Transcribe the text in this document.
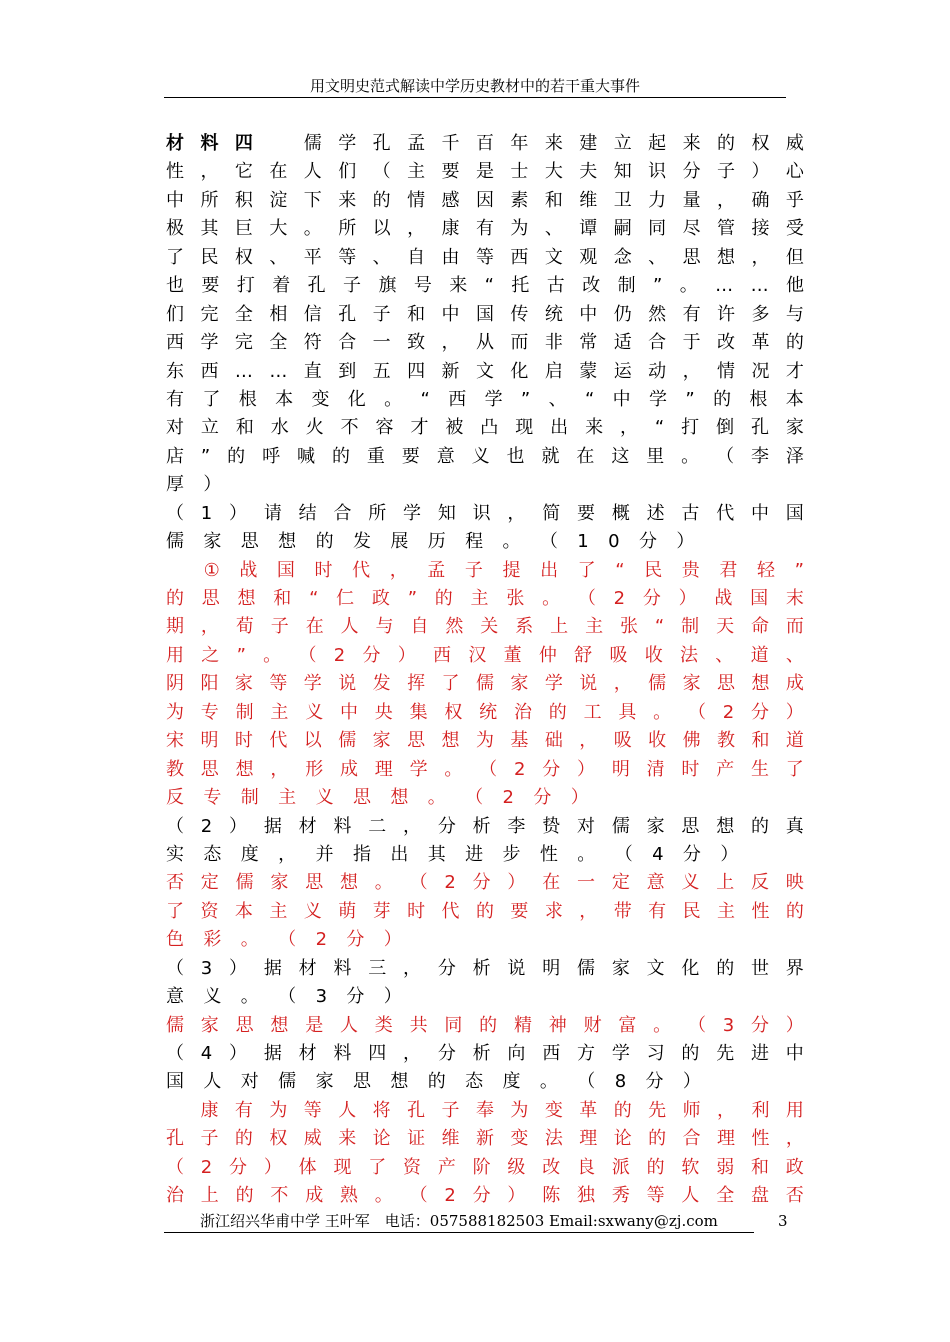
用文明史范式解读中学历史教材中的若干重大事件
材 料 四
　	儒 学 孔 孟 千 百 年 来 建 立 起 来 的 权 威
性 ， 它 在 人 们 （ 主 要 是 士 大 夫 知 识 分 子 ） 心
中 所 积 淀 下 来 的 情 感 因 素 和 维 卫 力 量 ， 确 乎
极 其 巨 大 。 所 以 ， 康 有 为 、 谭 嗣 同 尽 管 接 受
了 民 权 、 平 等 、 自 由 等 西 文 观 念 、 思 想 ， 但
也 要 打 着 孔 子 旗 号 来 “ 托 古 改 制 ” 。 … … 他
们 完 全 相 信 孔 子 和 中 国 传 统 中 仍 然 有 许 多 与
西 学 完 全 符 合 一 致 ， 从 而 非 常 适 合 于 改 革 的
东 西 … … 直 到 五 四 新 文 化 启 蒙 运 动 ， 情 况 才
有 了 根 本 变 化 。 “ 西 学 ” 、 “ 中 学 ” 的 根 本
对 立 和 水 火 不 容 才 被 凸 现 出 来 ， “ 打 倒 孔 家
店 ” 的 呼 喊 的 重 要 意 义 也 就 在 这 里 。 （ 李 泽
厚 ）
（ 1 ） 请 结 合 所 学 知 识 ， 简 要 概 述 古 代 中 国
儒 家 思 想 的 发 展 历 程 。 （ 1 0 分 ）

① 战 国 时 代 ， 孟 子 提 出 了 “ 民 贵 君 轻 ”
的 思 想 和 “ 仁 政 ” 的 主 张 。 （ 2 分 ） 战 国 末
期 ， 荀 子 在 人 与 自 然 关 系 上 主 张 “ 制 天 命 而
用 之 ” 。 （ 2 分 ） 西 汉 董 仲 舒 吸 收 法 、 道 、
阴 阳 家 等 学 说 发 挥 了 儒 家 学 说 ， 儒 家 思 想 成
为 专 制 主 义 中 央 集 权 统 治 的 工 具 。 （ 2 分 ）
宋 明 时 代 以 儒 家 思 想 为 基 础 ， 吸 收 佛 教 和 道
教 思 想 ， 形 成 理 学 。 （ 2 分 ） 明 清 时 产 生 了
反 专 制 主 义 思 想 。 （ 2 分 ）
（ 2 ） 据 材 料 二 ， 分 析 李 贽 对 儒 家 思 想 的 真
实 态 度 ， 并 指 出 其 进 步 性 。 （ 4 分 ）
否 定 儒 家 思 想 。 （ 2 分 ） 在 一 定 意 义 上 反 映
了 资 本 主 义 萌 芽 时 代 的 要 求 ， 带 有 民 主 性 的
色 彩 。 （ 2 分 ）
（ 3 ） 据 材 料 三 ， 分 析 说 明 儒 家 文 化 的 世 界
意 义 。 （ 3 分 ）
儒 家 思 想 是 人 类 共 同 的 精 神 财 富 。 （ 3 分 ）
（ 4 ） 据 材 料 四 ， 分 析 向 西 方 学 习 的 先 进 中
国 人 对 儒 家 思 想 的 态 度 。 （ 8 分 ）

康 有 为 等 人 将 孔 子 奉 为 变 革 的 先 师 ， 利 用
孔 子 的 权 威 来 论 证 维 新 变 法 理 论 的 合 理 性 ，
（ 2 分 ） 体 现 了 资 产 阶 级 改 良 派 的 软 弱 和 政
治 上 的 不 成 熟 。 （ 2 分 ） 陈 独 秀 等 人 全 盘 否
浙江绍兴华甫中学 王叶军　电话：057588182503 Email:sxwany@zj.com	3
